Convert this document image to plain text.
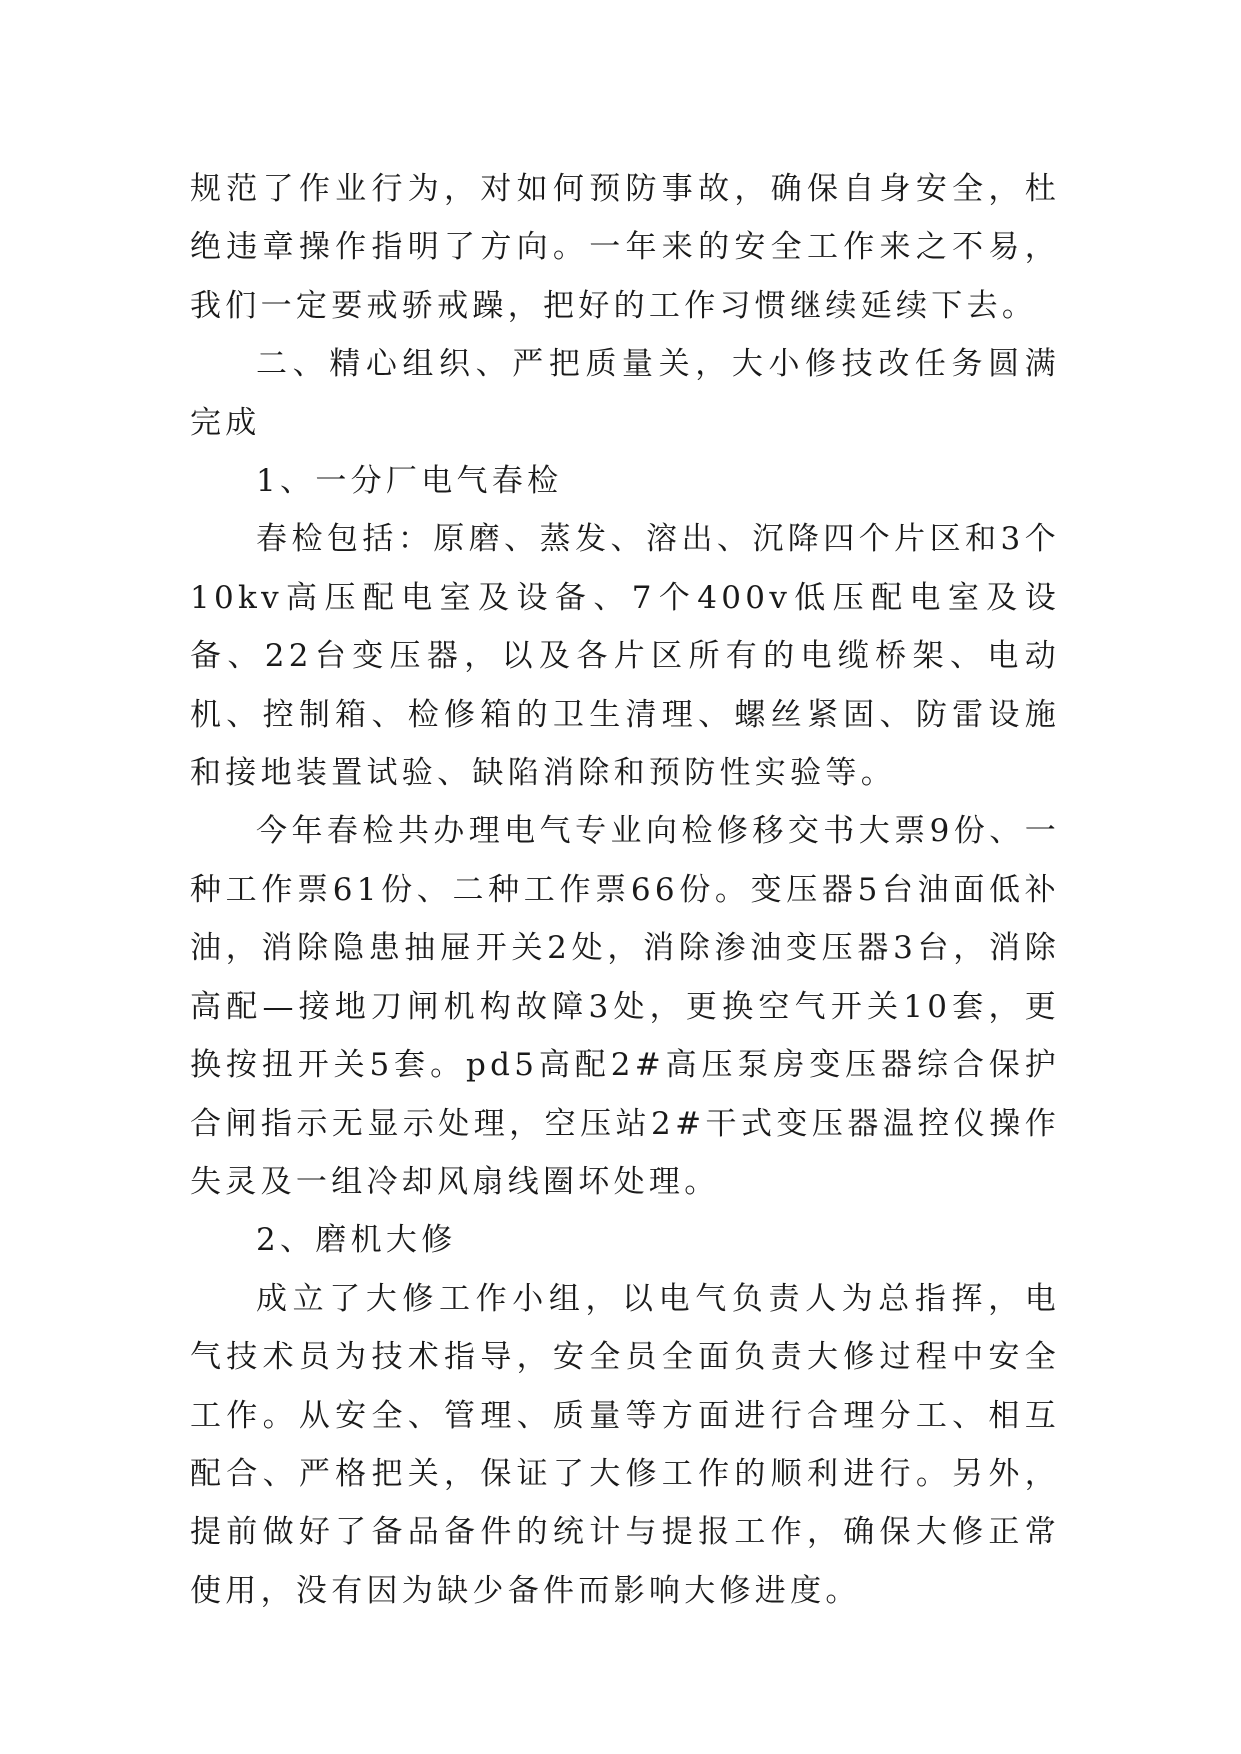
规范了作业行为，对如何预防事故，确保自身安全，杜绝违章操作指明了方向。一年来的安全工作来之不易，我们一定要戒骄戒躁，把好的工作习惯继续延续下去。

二、精心组织、严把质量关，大小修技改任务圆满完成

1、一分厂电气春检

春检包括：原磨、蒸发、溶出、沉降四个片区和3个10kv高压配电室及设备、7个400v低压配电室及设备、22台变压器，以及各片区所有的电缆桥架、电动机、控制箱、检修箱的卫生清理、螺丝紧固、防雷设施和接地装置试验、缺陷消除和预防性实验等。

今年春检共办理电气专业向检修移交书大票9份、一种工作票61份、二种工作票66份。变压器5台油面低补油，消除隐患抽屉开关2处，消除渗油变压器3台，消除高配—接地刀闸机构故障3处，更换空气开关10套，更换按扭开关5套。pd5高配2#高压泵房变压器综合保护合闸指示无显示处理，空压站2#干式变压器温控仪操作失灵及一组冷却风扇线圈坏处理。

2、磨机大修

成立了大修工作小组，以电气负责人为总指挥，电气技术员为技术指导，安全员全面负责大修过程中安全工作。从安全、管理、质量等方面进行合理分工、相互配合、严格把关，保证了大修工作的顺利进行。另外，提前做好了备品备件的统计与提报工作，确保大修正常使用，没有因为缺少备件而影响大修进度。
